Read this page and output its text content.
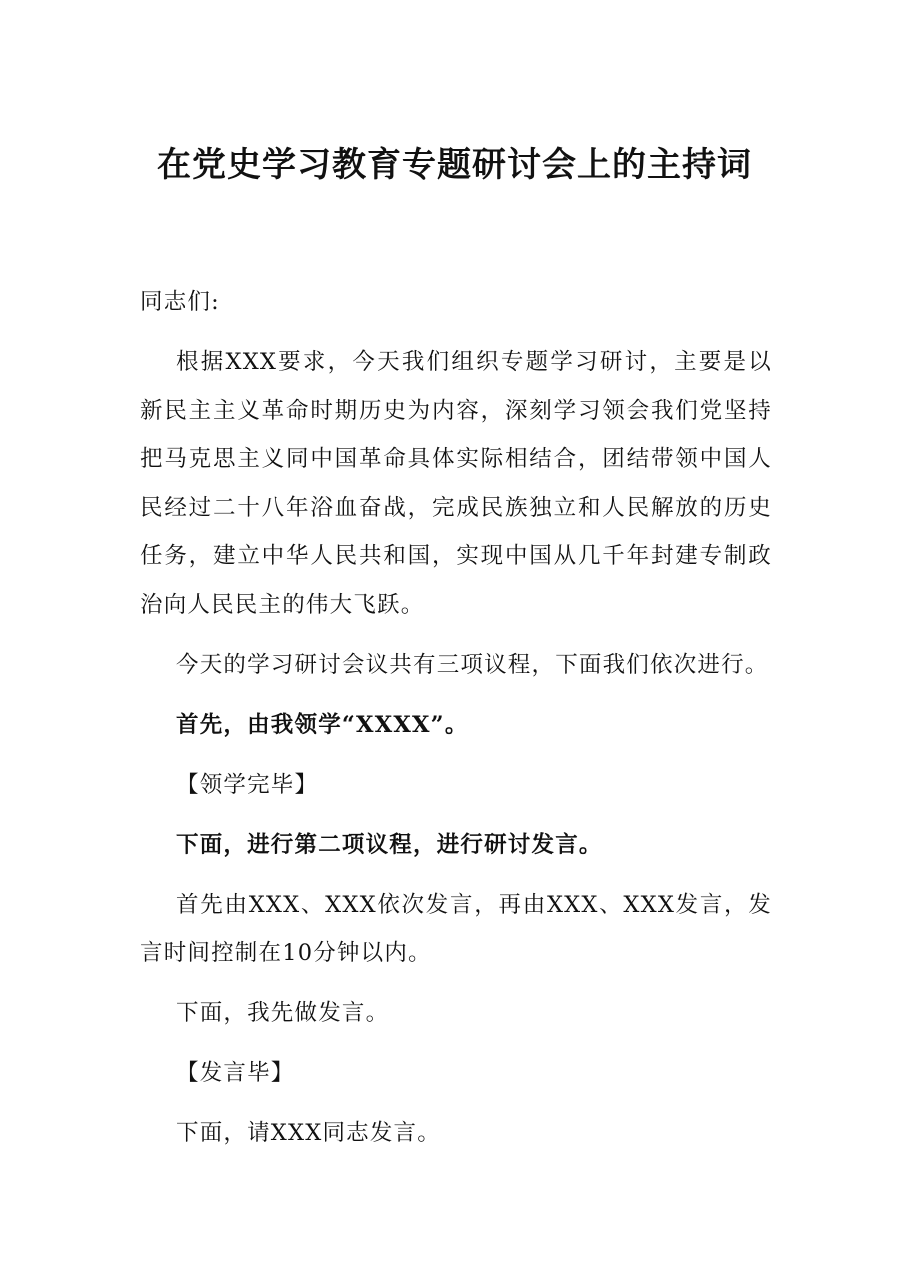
在党史学习教育专题研讨会上的主持词

同志们:

根据XXX要求，今天我们组织专题学习研讨，主要是以新民主主义革命时期历史为内容，深刻学习领会我们党坚持把马克思主义同中国革命具体实际相结合，团结带领中国人民经过二十八年浴血奋战，完成民族独立和人民解放的历史任务，建立中华人民共和国，实现中国从几千年封建专制政治向人民民主的伟大飞跃。

今天的学习研讨会议共有三项议程，下面我们依次进行。

首先，由我领学“XXXX”。

【领学完毕】

下面，进行第二项议程，进行研讨发言。

首先由XXX、XXX依次发言，再由XXX、XXX发言，发言时间控制在10分钟以内。

下面，我先做发言。

【发言毕】

下面，请XXX同志发言。
